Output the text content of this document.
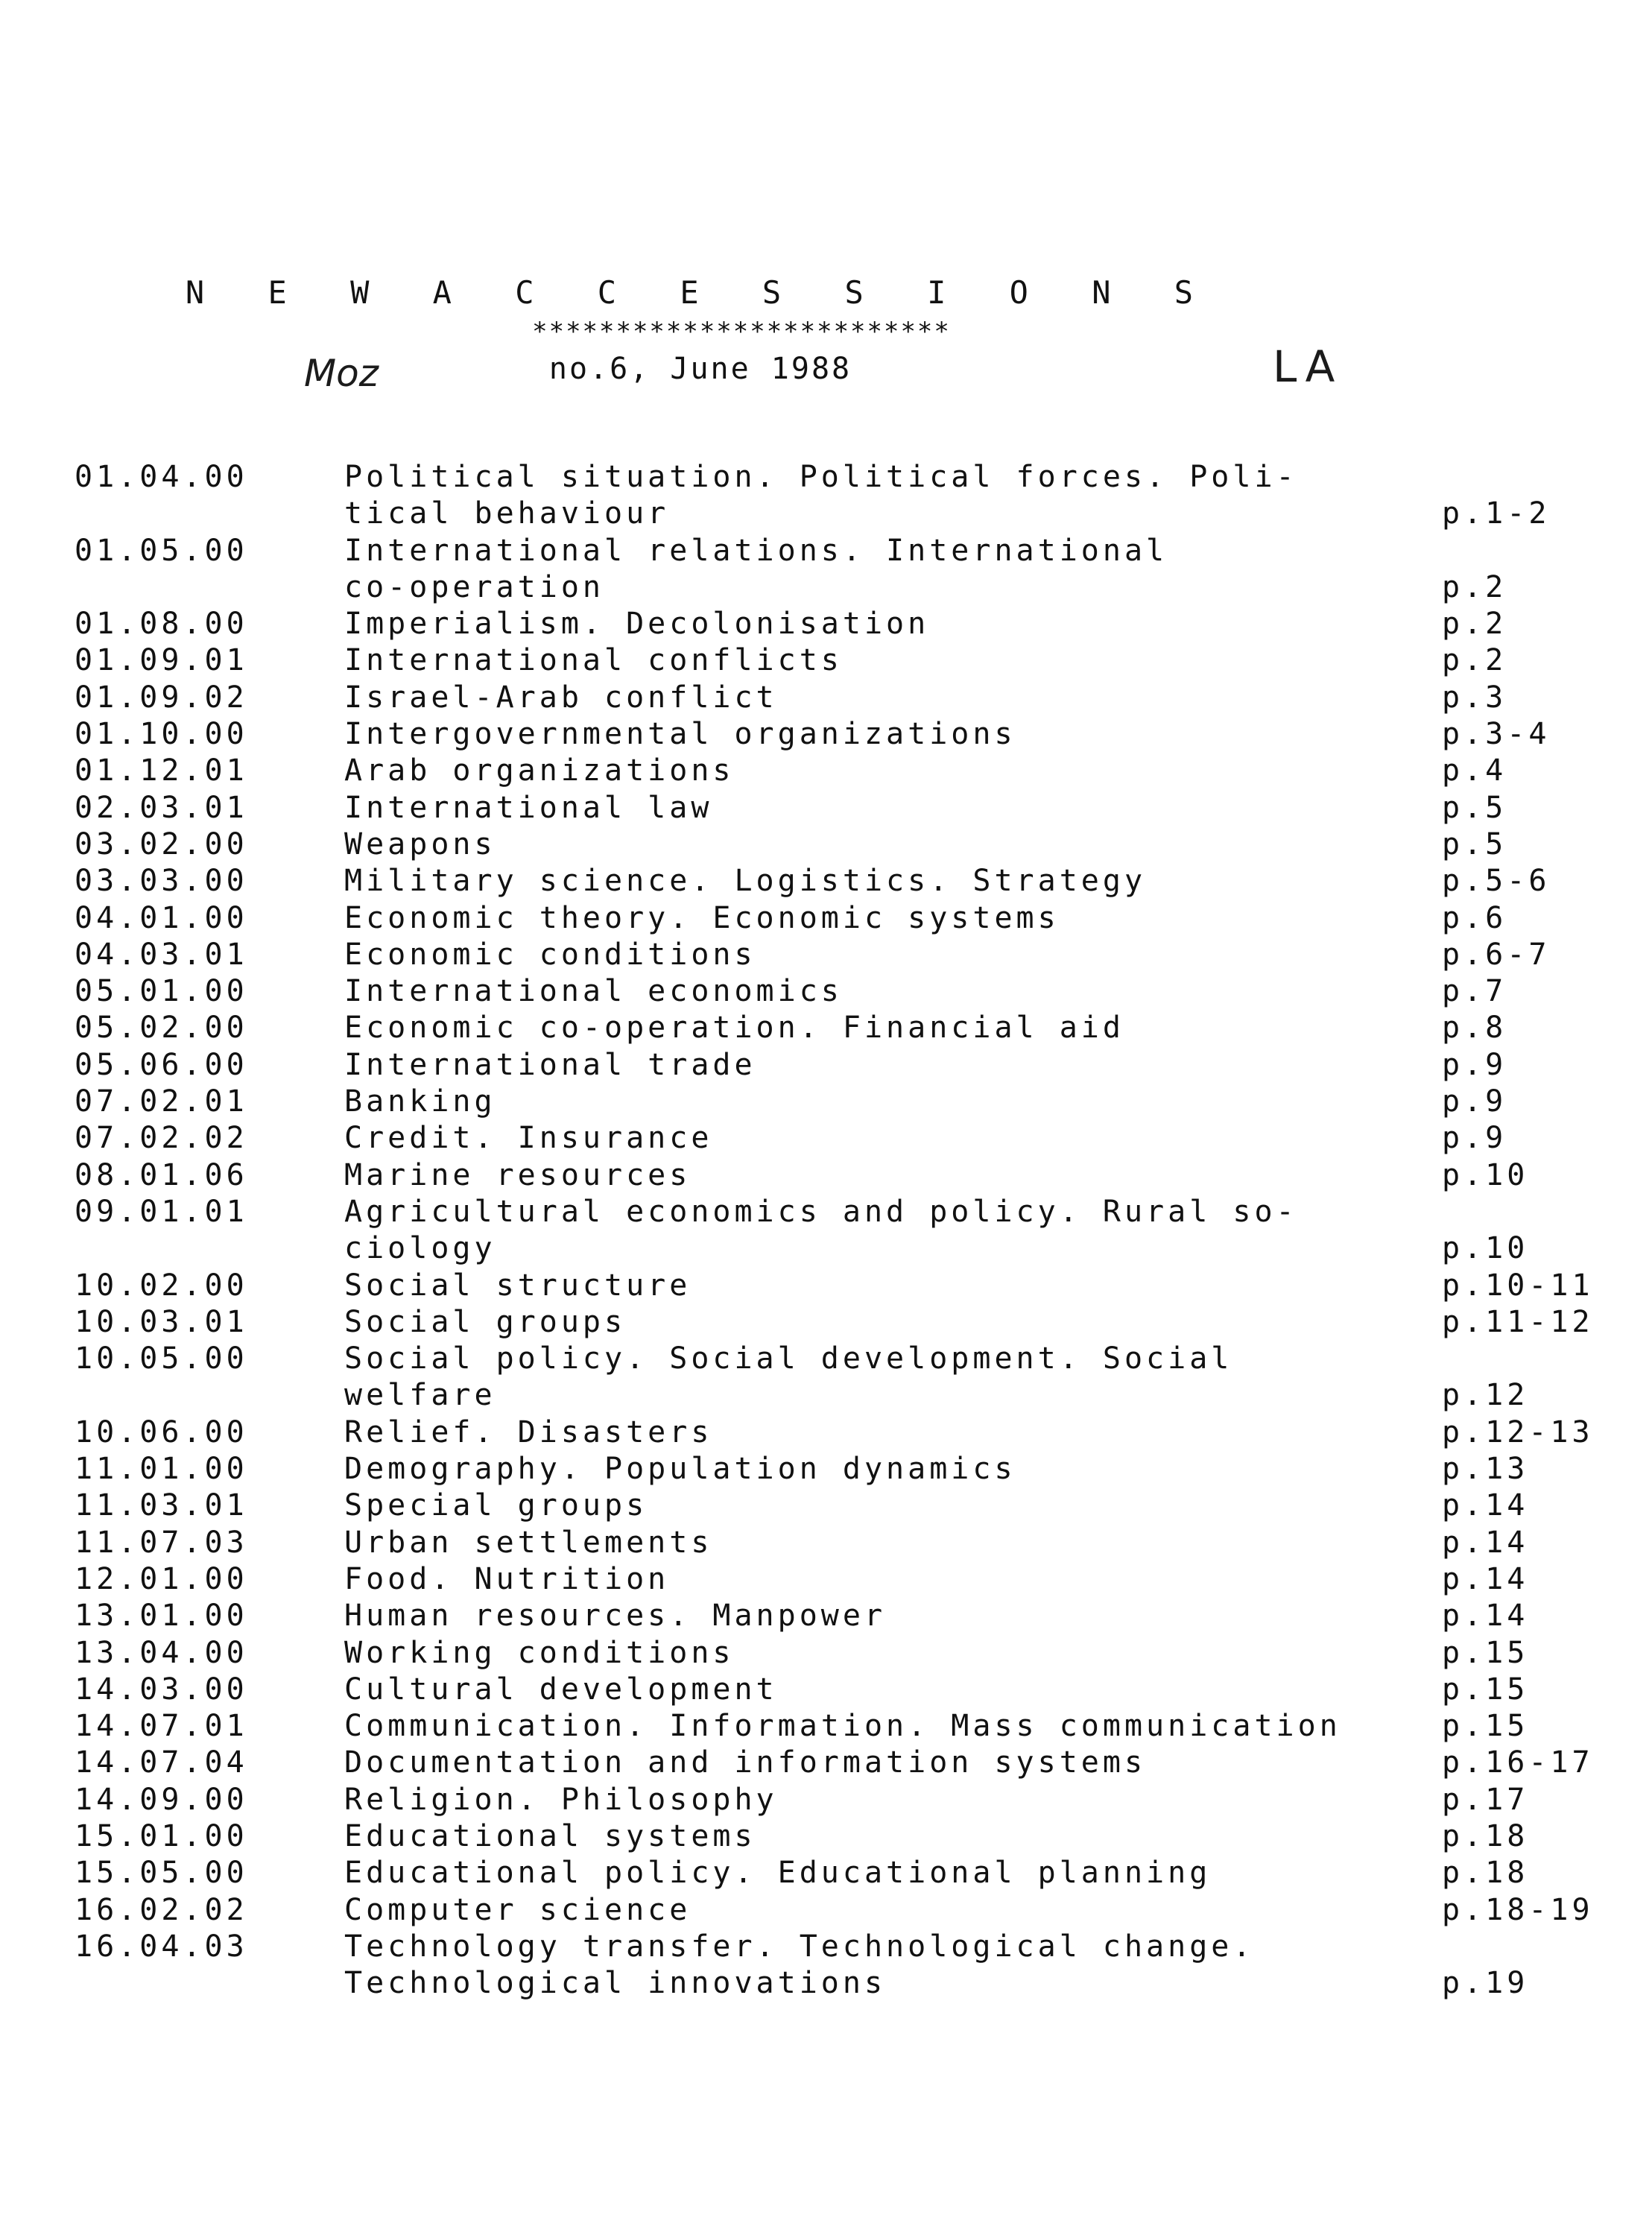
N E W A C C E S S I O N S
*************************
Moz	no.6, June 1988	LA
01.04.00	Political situation. Political forces. Poli-
tical behaviour	p.1-2
01.05.00	International relations. International
co-operation	p.2
01.08.00	Imperialism. Decolonisation	p.2
01.09.01	International conflicts	p.2
01.09.02	Israel-Arab conflict	p.3
01.10.00	Intergovernmental organizations	p.3-4
01.12.01	Arab organizations	p.4
02.03.01	International law	p.5
03.02.00	Weapons	p.5
03.03.00	Military science. Logistics. Strategy	p.5-6
04.01.00	Economic theory. Economic systems	p.6
04.03.01	Economic conditions	p.6-7
05.01.00	International economics	p.7
05.02.00	Economic co-operation. Financial aid	p.8
05.06.00	International trade	p.9
07.02.01	Banking	p.9
07.02.02	Credit. Insurance	p.9
08.01.06	Marine resources	p.10
09.01.01	Agricultural economics and policy. Rural so-
ciology	p.10
10.02.00	Social structure	p.10-11
10.03.01	Social groups	p.11-12
10.05.00	Social policy. Social development. Social
welfare	p.12
10.06.00	Relief. Disasters	p.12-13
11.01.00	Demography. Population dynamics	p.13
11.03.01	Special groups	p.14
11.07.03	Urban settlements	p.14
12.01.00	Food. Nutrition	p.14
13.01.00	Human resources. Manpower	p.14
13.04.00	Working conditions	p.15
14.03.00	Cultural development	p.15
14.07.01	Communication. Information. Mass communication	p.15
14.07.04	Documentation and information systems	p.16-17
14.09.00	Religion. Philosophy	p.17
15.01.00	Educational systems	p.18
15.05.00	Educational policy. Educational planning	p.18
16.02.02	Computer science	p.18-19
16.04.03	Technology transfer. Technological change.
Technological innovations	p.19
